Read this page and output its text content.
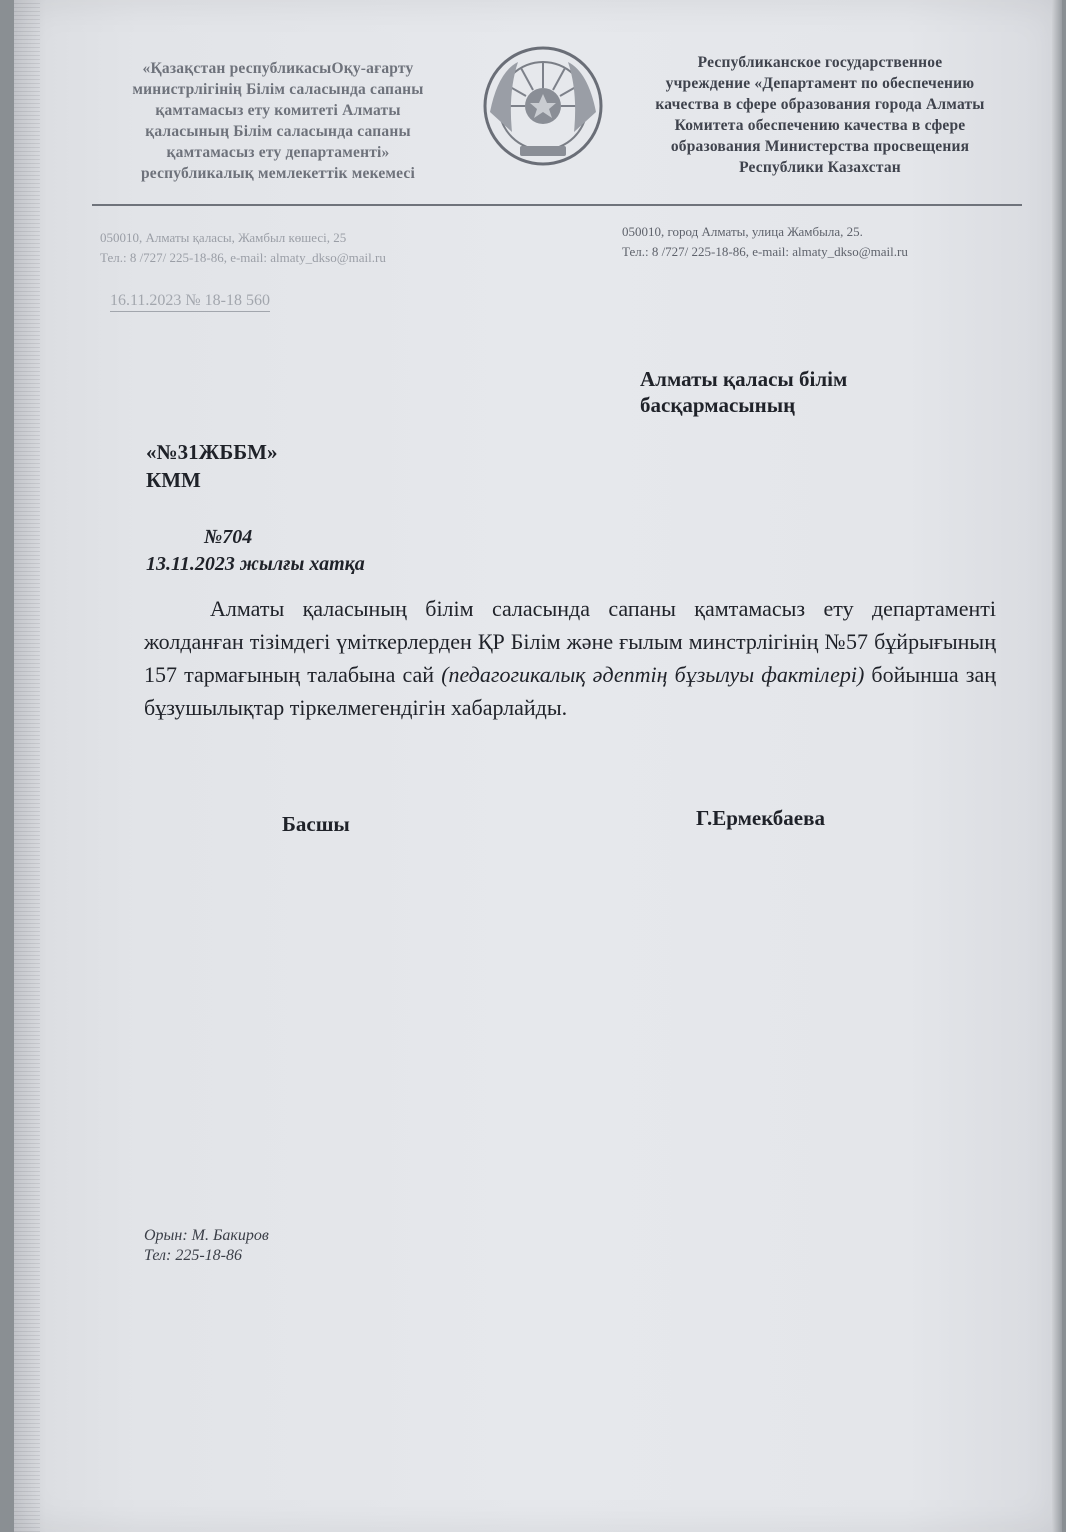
«Қазақстан республикасыОқу-ағарту
министрлігінің Білім саласында сапаны
қамтамасыз ету комитеті Алматы
қаласының Білім саласында сапаны
қамтамасыз ету департаменті»
республикалық мемлекеттік мекемесі
Республиканское государственное
учреждение «Департамент по обеспечению
качества в сфере образования города Алматы
Комитета обеспечению качества в сфере
образования Министерства просвещения
Республики Казахстан
050010, Алматы қаласы, Жамбыл көшесі, 25
Тел.: 8 /727/ 225-18-86, e-mail: almaty_dkso@mail.ru
050010, город Алматы, улица Жамбыла, 25.
Тел.: 8 /727/ 225-18-86, e-mail: almaty_dkso@mail.ru
16.11.2023 № 18-18 560
Алматы қаласы білім
басқармасының
«№31ЖББМ»
КММ
№704
13.11.2023 жылғы хатқа
Алматы қаласының білім саласында сапаны қамтамасыз ету департаменті жолданған тізімдегі үміткерлерден ҚР Білім және ғылым минстрлігінің №57 бұйрығының 157 тармағының талабына сай (педагогикалық әдептің бұзылуы фактілері) бойынша заң бұзушылықтар тіркелмегендігін хабарлайды.
Басшы	Г.Ермекбаева
Орын: М. Бакиров
Тел: 225-18-86
